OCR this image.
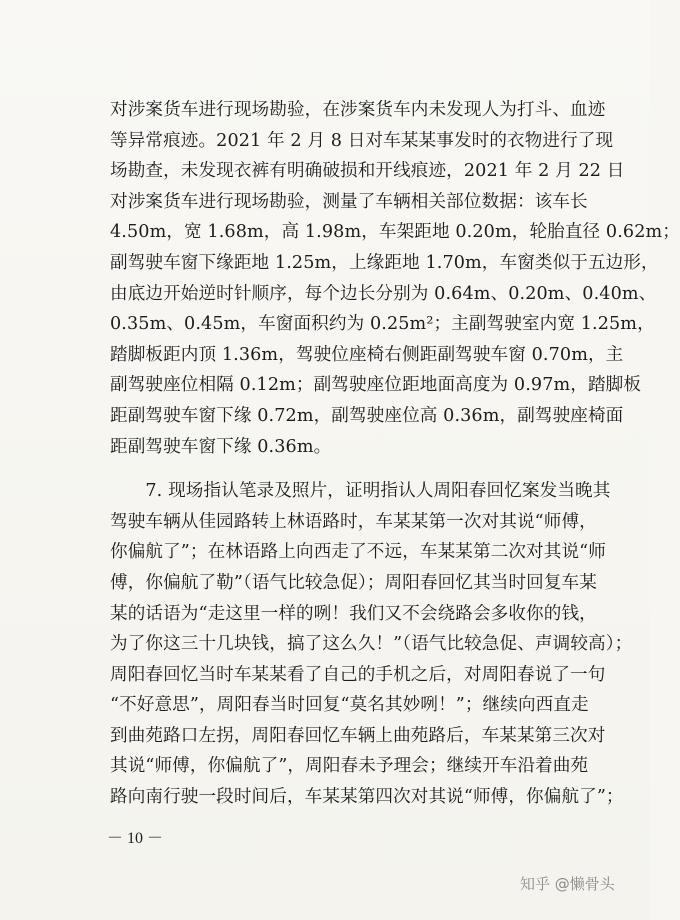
对涉案货车进行现场勘验，在涉案货车内未发现人为打斗、血迹
等异常痕迹。2021 年 2 月 8 日对车某某事发时的衣物进行了现
场勘查，未发现衣裤有明确破损和开线痕迹，2021 年 2 月 22 日
对涉案货车进行现场勘验，测量了车辆相关部位数据：该车长
4.50m，宽 1.68m，高 1.98m，车架距地 0.20m，轮胎直径 0.62m；
副驾驶车窗下缘距地 1.25m，上缘距地 1.70m，车窗类似于五边形，
由底边开始逆时针顺序，每个边长分别为 0.64m、0.20m、0.40m、
0.35m、0.45m，车窗面积约为 0.25m²；主副驾驶室内宽 1.25m，
踏脚板距内顶 1.36m，驾驶位座椅右侧距副驾驶车窗 0.70m，主
副驾驶座位相隔 0.12m；副驾驶座位距地面高度为 0.97m，踏脚板
距副驾驶车窗下缘 0.72m，副驾驶座位高 0.36m，副驾驶座椅面
距副驾驶车窗下缘 0.36m。
　　7. 现场指认笔录及照片，证明指认人周阳春回忆案发当晚其
驾驶车辆从佳园路转上林语路时，车某某第一次对其说“师傅，
你偏航了”；在林语路上向西走了不远，车某某第二次对其说“师
傅，你偏航了勒”（语气比较急促）；周阳春回忆其当时回复车某
某的话语为“走这里一样的咧！我们又不会绕路会多收你的钱，
为了你这三十几块钱，搞了这么久！”（语气比较急促、声调较高）；
周阳春回忆当时车某某看了自己的手机之后，对周阳春说了一句
“不好意思”，周阳春当时回复“莫名其妙咧！”；继续向西直走
到曲苑路口左拐，周阳春回忆车辆上曲苑路后，车某某第三次对
其说“师傅，你偏航了”，周阳春未予理会；继续开车沿着曲苑
路向南行驶一段时间后，车某某第四次对其说“师傅，你偏航了”；
－ 10 －
知乎 @懒骨头
